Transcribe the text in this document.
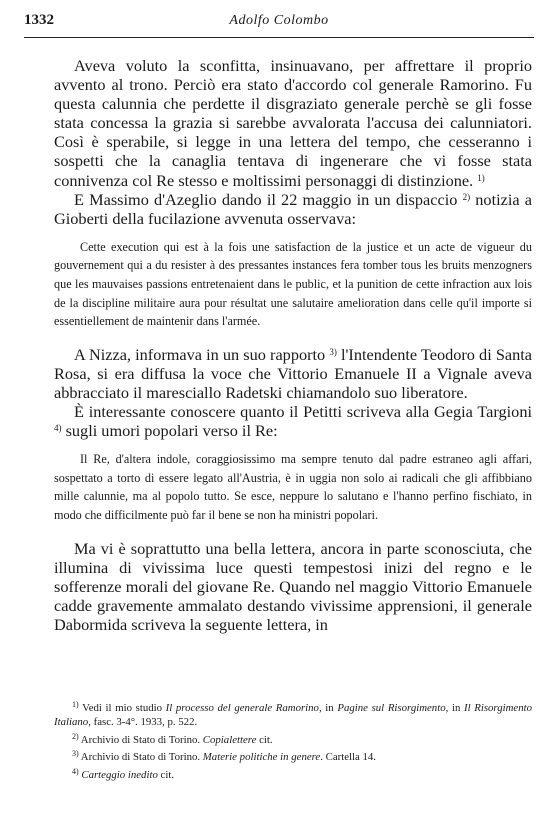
1332	Adolfo Colombo

Aveva voluto la sconfitta, insinuavano, per affrettare il proprio avvento al trono. Perciò era stato d'accordo col generale Ramorino. Fu questa calunnia che perdette il disgraziato generale perchè se gli fosse stata concessa la grazia si sarebbe avvalorata l'accusa dei calunniatori. Così è sperabile, si legge in una lettera del tempo, che cesseranno i sospetti che la canaglia tentava di ingenerare che vi fosse stata connivenza col Re stesso e moltissimi personaggi di distinzione. $^{1)}$

E Massimo d'Azeglio dando il 22 maggio in un dispaccio $^{2)}$ notizia a Gioberti della fucilazione avvenuta osservava:

Cette execution qui est à la fois une satisfaction de la justice et un acte de vigueur du gouvernement qui a du resister à des pressantes instances fera tomber tous les bruits menzogners que les mauvaises passions entretenaient dans le public, et la punition de cette infraction aux lois de la discipline militaire aura pour résultat une salutaire amelioration dans celle qu'il importe si essentiellement de maintenir dans l'armée.

A Nizza, informava in un suo rapporto $^{3)}$ l'Intendente Teodoro di Santa Rosa, si era diffusa la voce che Vittorio Emanuele II a Vignale aveva abbracciato il maresciallo Radetski chiamandolo suo liberatore.

È interessante conoscere quanto il Petitti scriveva alla Gegia Targioni $^{4)}$ sugli umori popolari verso il Re:

Il Re, d'altera indole, coraggiosissimo ma sempre tenuto dal padre estraneo agli affari, sospettato a torto di essere legato all'Austria, è in uggia non solo ai radicali che gli affibbiano mille calunnie, ma al popolo tutto. Se esce, neppure lo salutano e l'hanno perfino fischiato, in modo che difficilmente può far il bene se non ha ministri popolari.

Ma vi è soprattutto una bella lettera, ancora in parte sconosciuta, che illumina di vivissima luce questi tempestosi inizi del regno e le sofferenze morali del giovane Re. Quando nel maggio Vittorio Emanuele cadde gravemente ammalato destando vivissime apprensioni, il generale Dabormida scriveva la seguente lettera, in

$^{1)}$ Vedi il mio studio Il processo del generale Ramorino, in Pagine sul Risorgimento, in Il Risorgimento Italiano, fasc. 3-4°. 1933, p. 522.

$^{2)}$ Archivio di Stato di Torino. Copialettere cit.

$^{3)}$ Archivio di Stato di Torino. Materie politiche in genere. Cartella 14.

$^{4)}$ Carteggio inedito cit.
